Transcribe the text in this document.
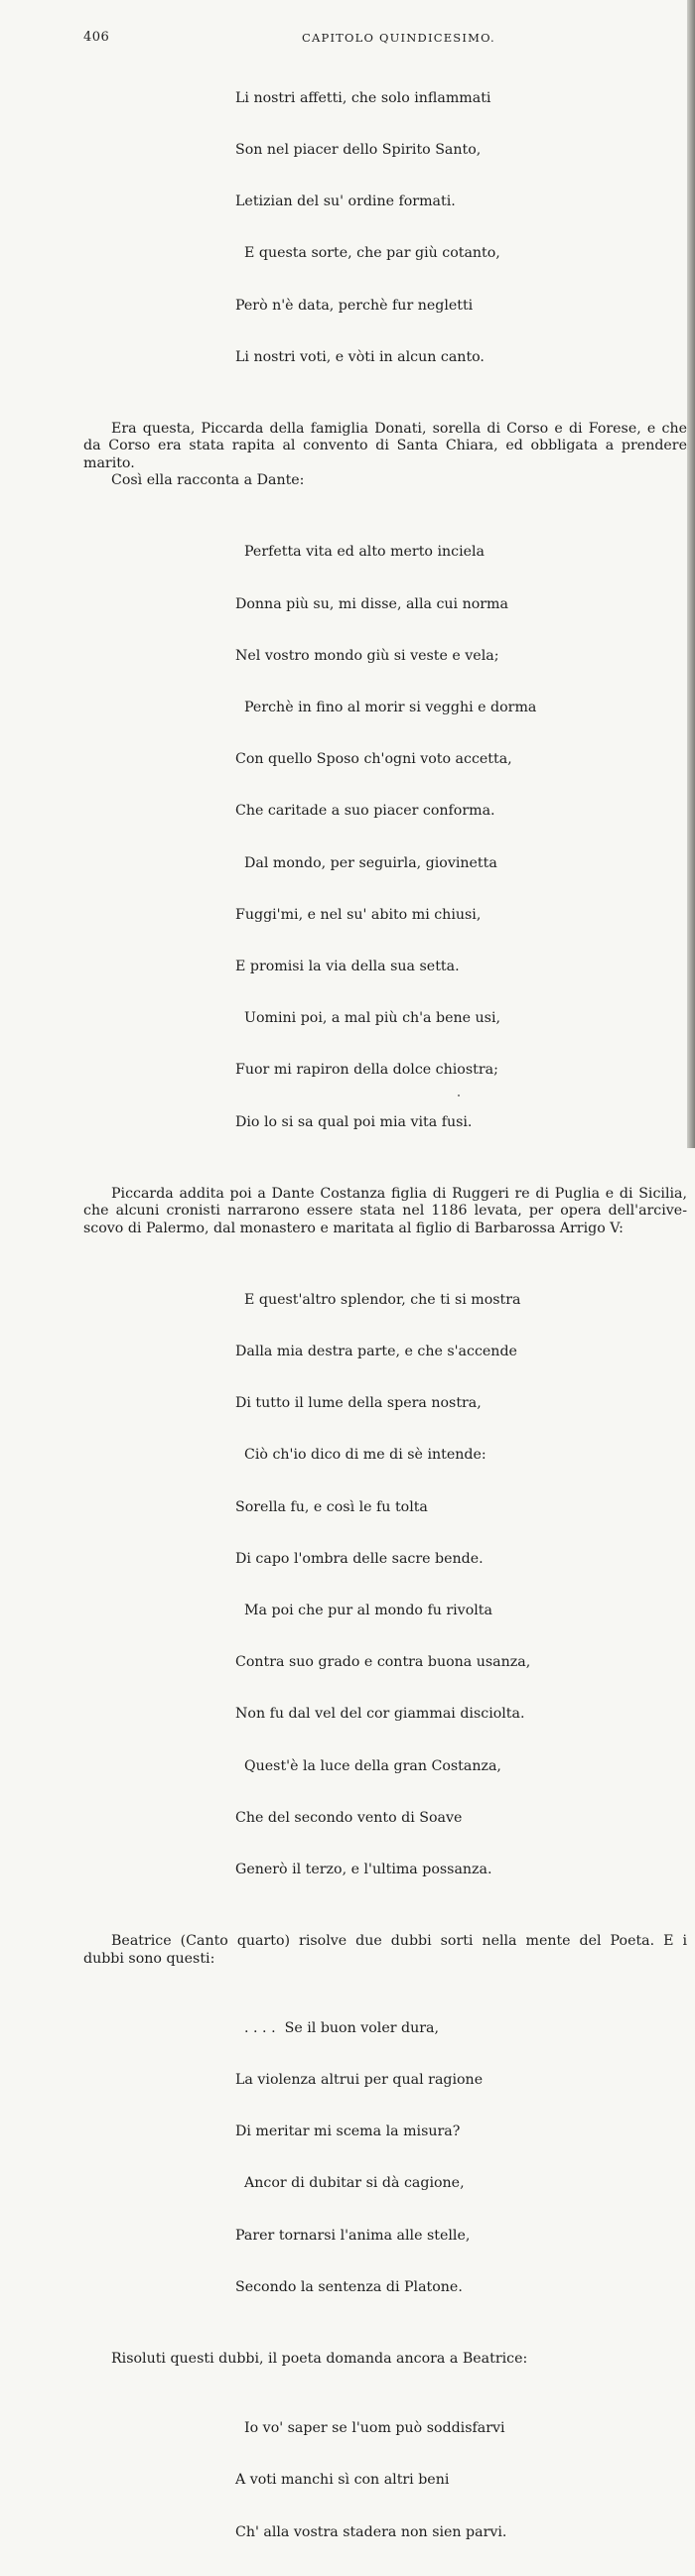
406	CAPITOLO QUINDICESIMO.

Li nostri affetti, che solo inflammati

Son nel piacer dello Spirito Santo,

Letizian del su' ordine formati.

E questa sorte, che par giù cotanto,

Però n'è data, perchè fur negletti

Li nostri voti, e vòti in alcun canto.

Era questa, Piccarda della famiglia Donati, sorella di Corso e di Forese, e che
da Corso era stata rapita al convento di Santa Chiara, ed obbligata a prendere
marito.
Così ella racconta a Dante:

Perfetta vita ed alto merto inciela

Donna più su, mi disse, alla cui norma

Nel vostro mondo giù si veste e vela;

Perchè in fino al morir si vegghi e dorma

Con quello Sposo ch'ogni voto accetta,

Che caritade a suo piacer conforma.

Dal mondo, per seguirla, giovinetta

Fuggi'mi, e nel su' abito mi chiusi,

E promisi la via della sua setta.

Uomini poi, a mal più ch'a bene usi,

Fuor mi rapiron della dolce chiostra;

Dio lo si sa qual poi mia vita fusi.

Piccarda addita poi a Dante Costanza figlia di Ruggeri re di Puglia e di Sicilia,
che alcuni cronisti narrarono essere stata nel 1186 levata, per opera dell'arcive-
scovo di Palermo, dal monastero e maritata al figlio di Barbarossa Arrigo V:

E quest'altro splendor, che ti si mostra

Dalla mia destra parte, e che s'accende

Di tutto il lume della spera nostra,

Ciò ch'io dico di me di sè intende:

Sorella fu, e così le fu tolta

Di capo l'ombra delle sacre bende.

Ma poi che pur al mondo fu rivolta

Contra suo grado e contra buona usanza,

Non fu dal vel del cor giammai disciolta.

Quest'è la luce della gran Costanza,

Che del secondo vento di Soave

Generò il terzo, e l'ultima possanza.

Beatrice (Canto quarto) risolve due dubbi sorti nella mente del Poeta. E i
dubbi sono questi:

. . . .  Se il buon voler dura,

La violenza altrui per qual ragione

Di meritar mi scema la misura?

Ancor di dubitar si dà cagione,

Parer tornarsi l'anima alle stelle,

Secondo la sentenza di Platone.

Risoluti questi dubbi, il poeta domanda ancora a Beatrice:

Io vo' saper se l'uom può soddisfarvi

A voti manchi sì con altri beni

Ch' alla vostra stadera non sien parvi.
